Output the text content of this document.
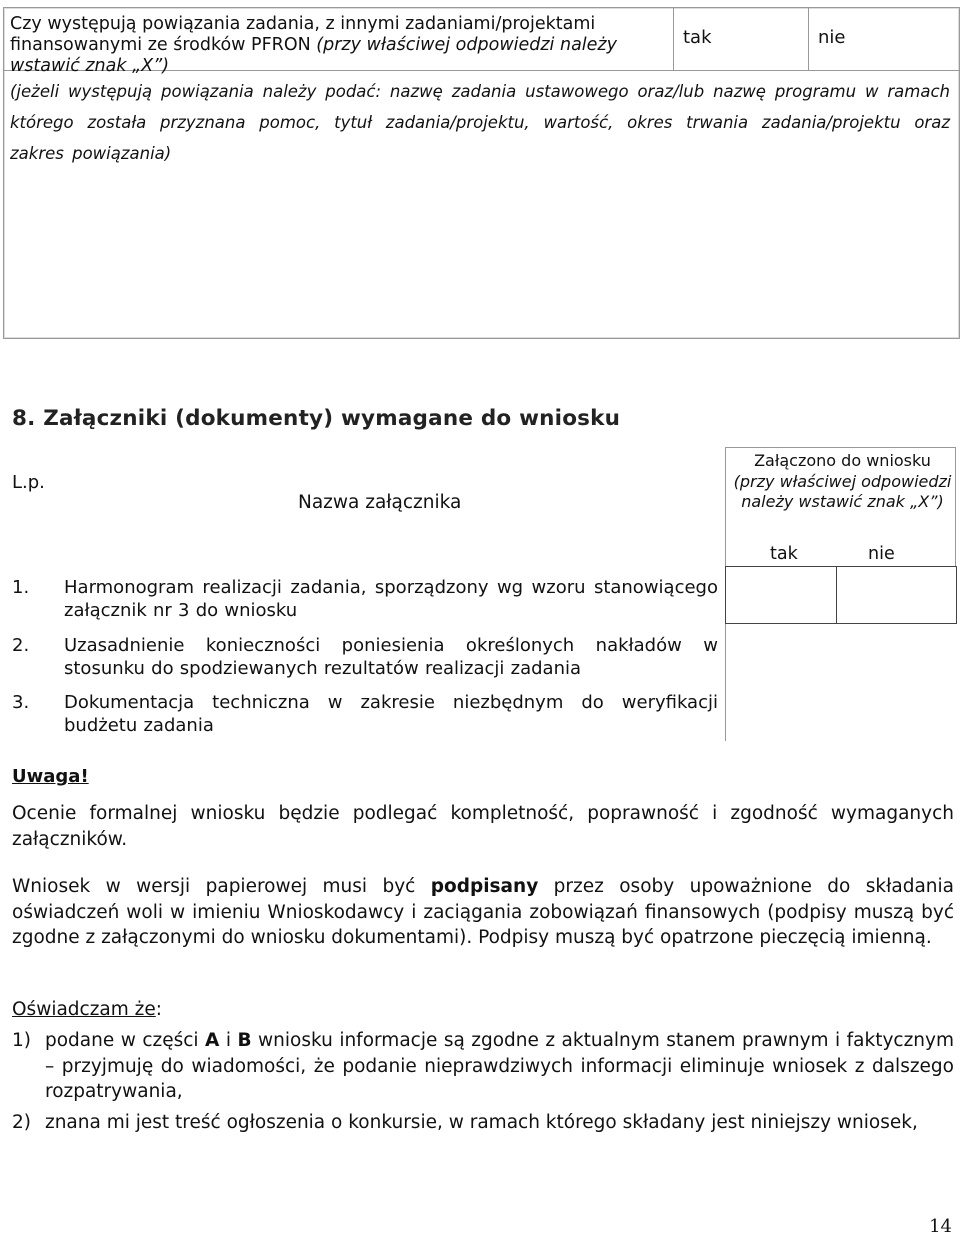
Czy występują powiązania zadania, z innymi zadaniami/projektami finansowanymi ze środków PFRON (przy właściwej odpowiedzi należy wstawić znak „X”)
tak	nie
(jeżeli występują powiązania należy podać: nazwę zadania ustawowego oraz/lub nazwę programu w ramach którego została przyznana pomoc, tytuł zadania/projektu, wartość, okres trwania zadania/projektu oraz zakres powiązania)
8. Załączniki (dokumenty) wymagane do wniosku
L.p.
Nazwa załącznika
Załączono do wniosku
(przy właściwej odpowiedzi należy wstawić znak „X”)
tak	nie
1. Harmonogram realizacji zadania, sporządzony wg wzoru stanowiącego załącznik nr 3 do wniosku
2. Uzasadnienie konieczności poniesienia określonych nakładów w stosunku do spodziewanych rezultatów realizacji zadania
3. Dokumentacja techniczna w zakresie niezbędnym do weryfikacji budżetu zadania
Uwaga!
Ocenie formalnej wniosku będzie podlegać kompletność, poprawność i zgodność wymaganych załączników.
Wniosek w wersji papierowej musi być podpisany przez osoby upoważnione do składania oświadczeń woli w imieniu Wnioskodawcy i zaciągania zobowiązań finansowych (podpisy muszą być zgodne z załączonymi do wniosku dokumentami). Podpisy muszą być opatrzone pieczęcią imienną.
Oświadczam że:
1) podane w części A i B wniosku informacje są zgodne z aktualnym stanem prawnym i faktycznym – przyjmuję do wiadomości, że podanie nieprawdziwych informacji eliminuje wniosek z dalszego rozpatrywania,
2) znana mi jest treść ogłoszenia o konkursie, w ramach którego składany jest niniejszy wniosek,
14
